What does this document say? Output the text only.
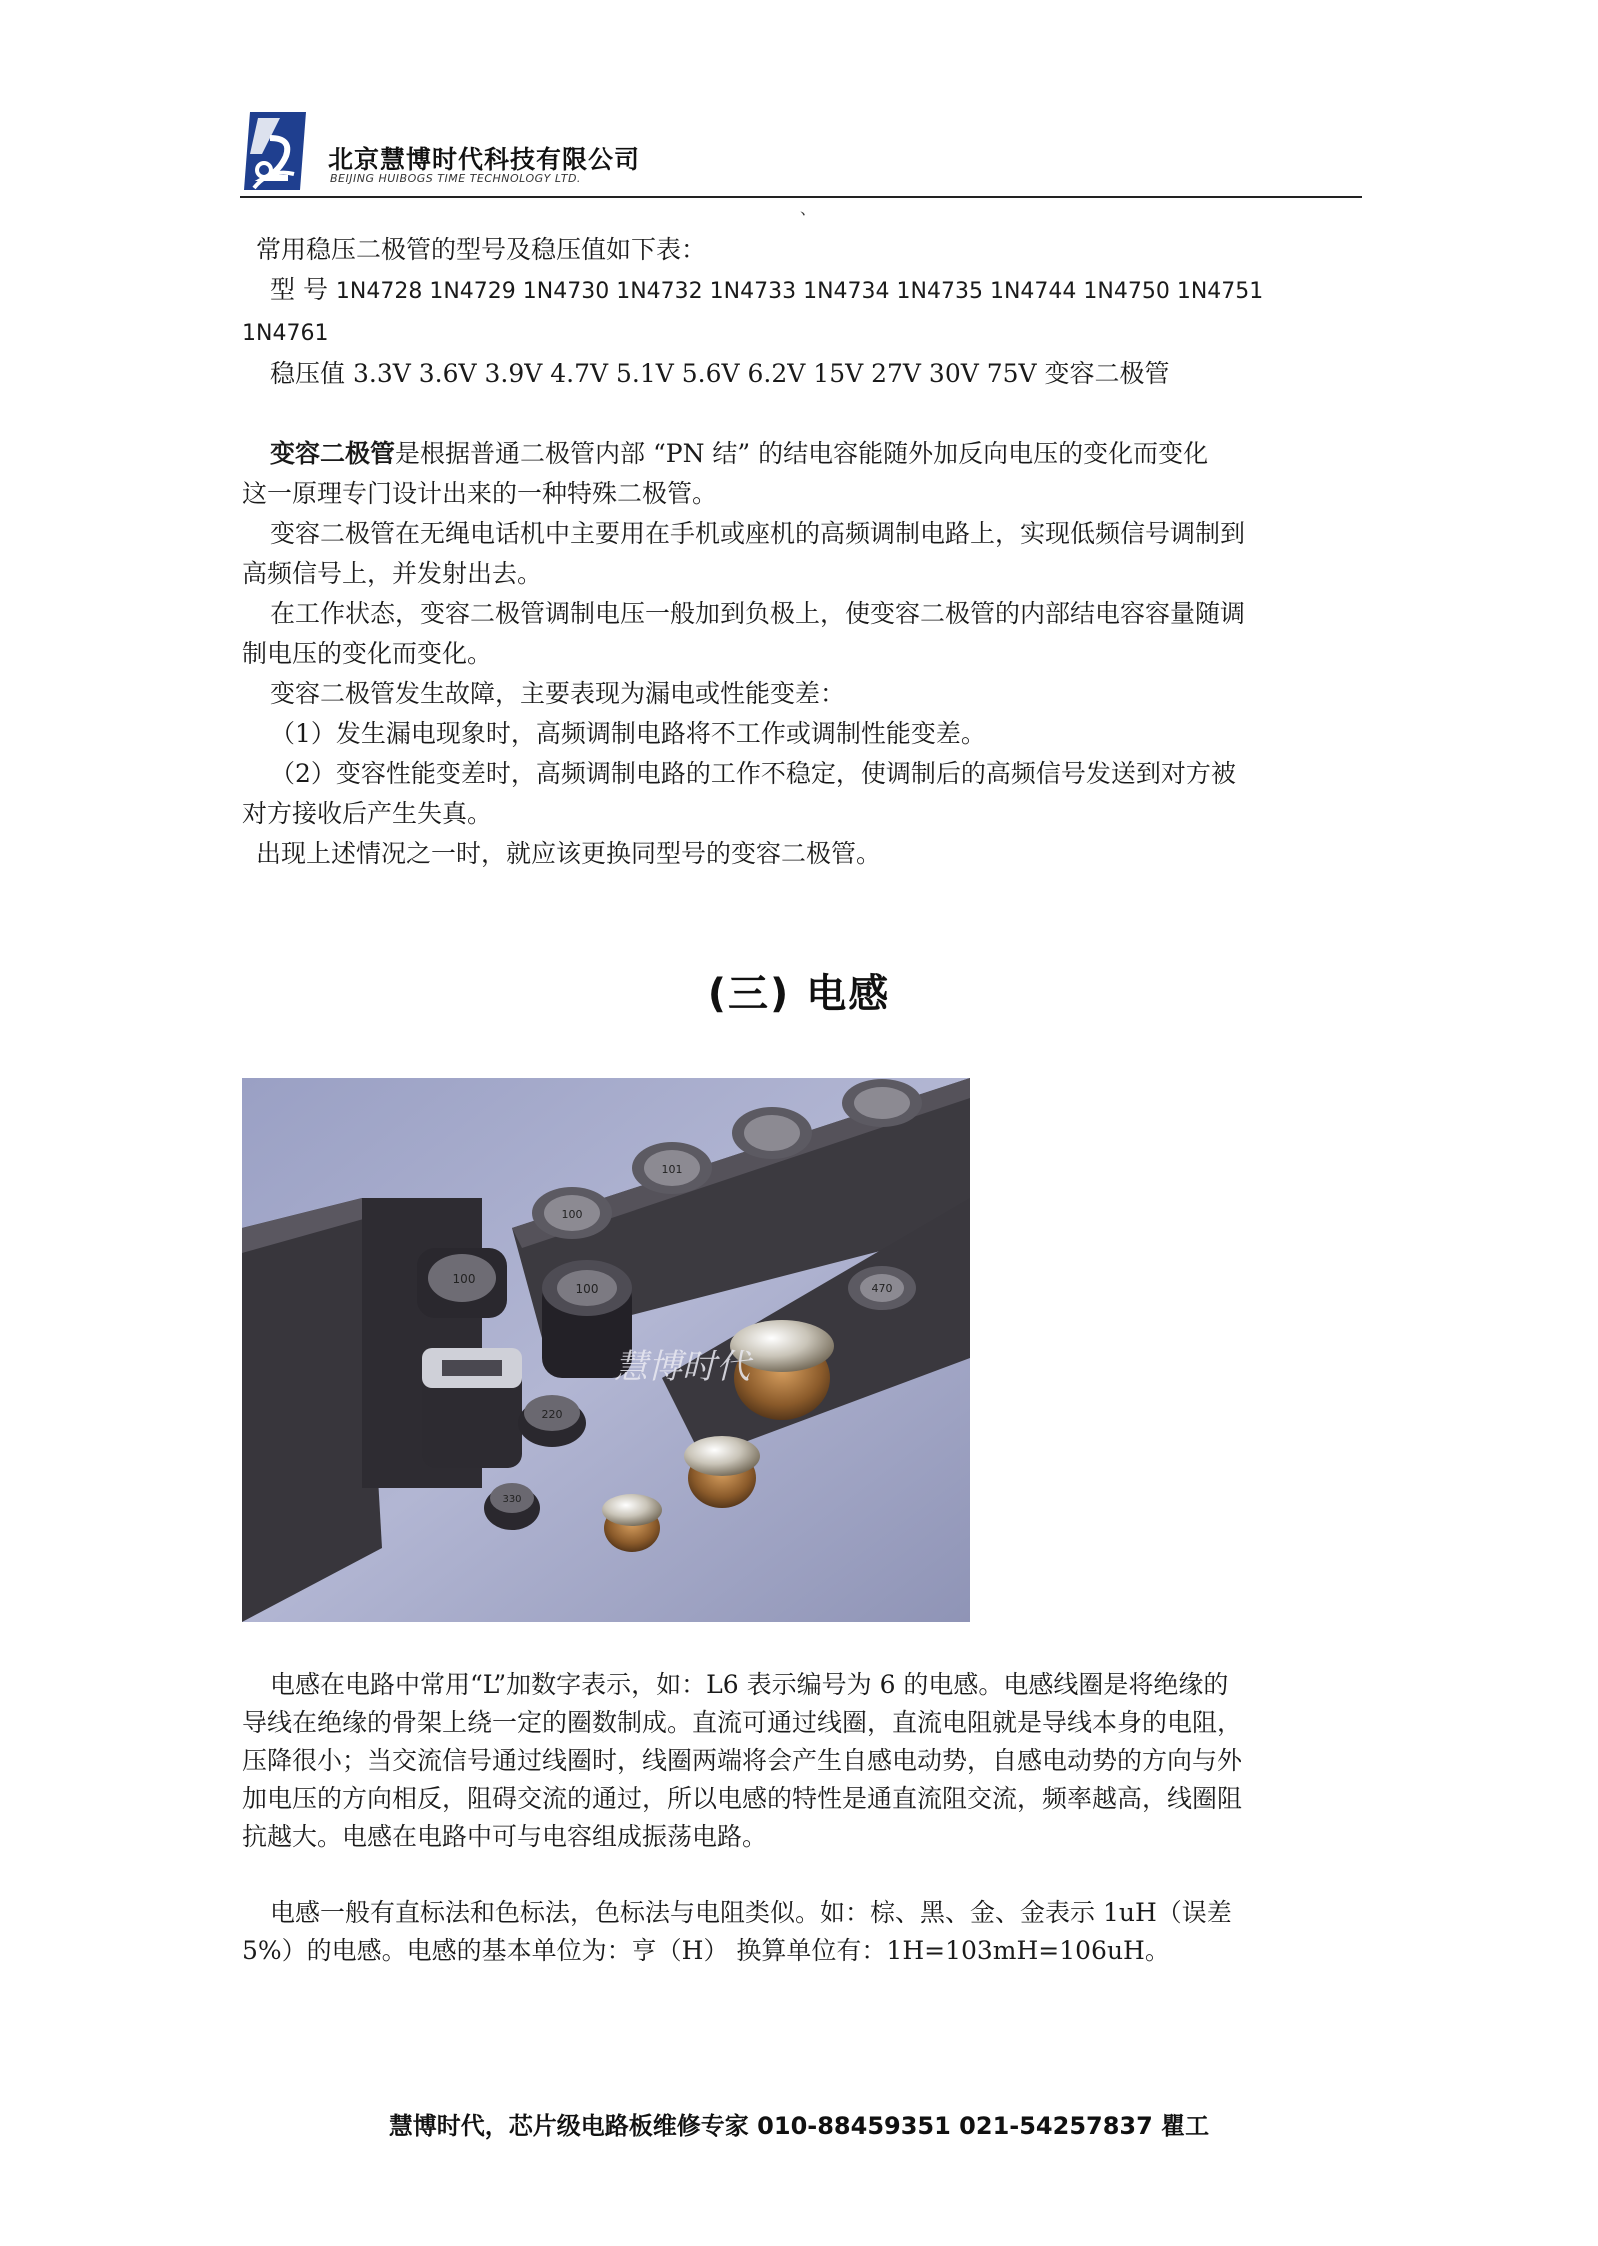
北京慧博时代科技有限公司
BEIJING HUIBOGS TIME TECHNOLOGY LTD.
、

常用稳压二极管的型号及稳压值如下表：

型 号 1N4728 1N4729 1N4730 1N4732 1N4733 1N4734 1N4735 1N4744 1N4750 1N4751

1N4761

稳压值 3.3V 3.6V 3.9V 4.7V 5.1V 5.6V 6.2V 15V 27V 30V 75V 变容二极管

变容二极管是根据普通二极管内部 “PN 结” 的结电容能随外加反向电压的变化而变化

这一原理专门设计出来的一种特殊二极管。

变容二极管在无绳电话机中主要用在手机或座机的高频调制电路上，实现低频信号调制到

高频信号上，并发射出去。

在工作状态，变容二极管调制电压一般加到负极上，使变容二极管的内部结电容容量随调

制电压的变化而变化。

变容二极管发生故障，主要表现为漏电或性能变差：

（1）发生漏电现象时，高频调制电路将不工作或调制性能变差。

（2）变容性能变差时，高频调制电路的工作不稳定，使调制后的高频信号发送到对方被

对方接收后产生失真。

出现上述情况之一时，就应该更换同型号的变容二极管。

(三) 电感
慧博时代
100
100
100
220
330
101
470

电感在电路中常用“L”加数字表示，如：L6 表示编号为 6 的电感。电感线圈是将绝缘的

导线在绝缘的骨架上绕一定的圈数制成。直流可通过线圈，直流电阻就是导线本身的电阻，

压降很小；当交流信号通过线圈时，线圈两端将会产生自感电动势，自感电动势的方向与外

加电压的方向相反，阻碍交流的通过，所以电感的特性是通直流阻交流，频率越高，线圈阻

抗越大。电感在电路中可与电容组成振荡电路。

电感一般有直标法和色标法，色标法与电阻类似。如：棕、黑、金、金表示 1uH（误差

5%）的电感。电感的基本单位为：亨（H） 换算单位有：1H=103mH=106uH。

慧博时代，芯片级电路板维修专家 010-88459351 021-54257837 瞿工
